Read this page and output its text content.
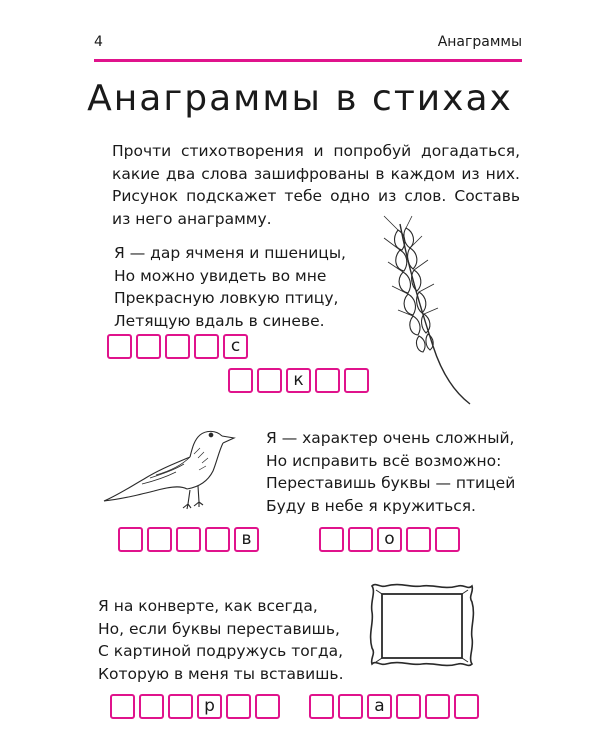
4	Анаграммы
Анаграммы в стихах

Прочти стихотворения и попробуй догадаться, какие два слова зашифрованы в каждом из них. Рисунок подскажет тебе одно из слов. Составь из него анаграмму.

Я — дар ячменя и пшеницы,
Но можно увидеть во мне
Прекрасную ловкую птицу,
Летящую вдаль в синеве.
с
к
Я — характер очень сложный,
Но исправить всё возможно:
Переставишь буквы — птицей
Буду в небе я кружиться.
в	о
Я на конверте, как всегда,
Но, если буквы переставишь,
С картиной подружусь тогда,
Которую в меня ты вставишь.
р	а
